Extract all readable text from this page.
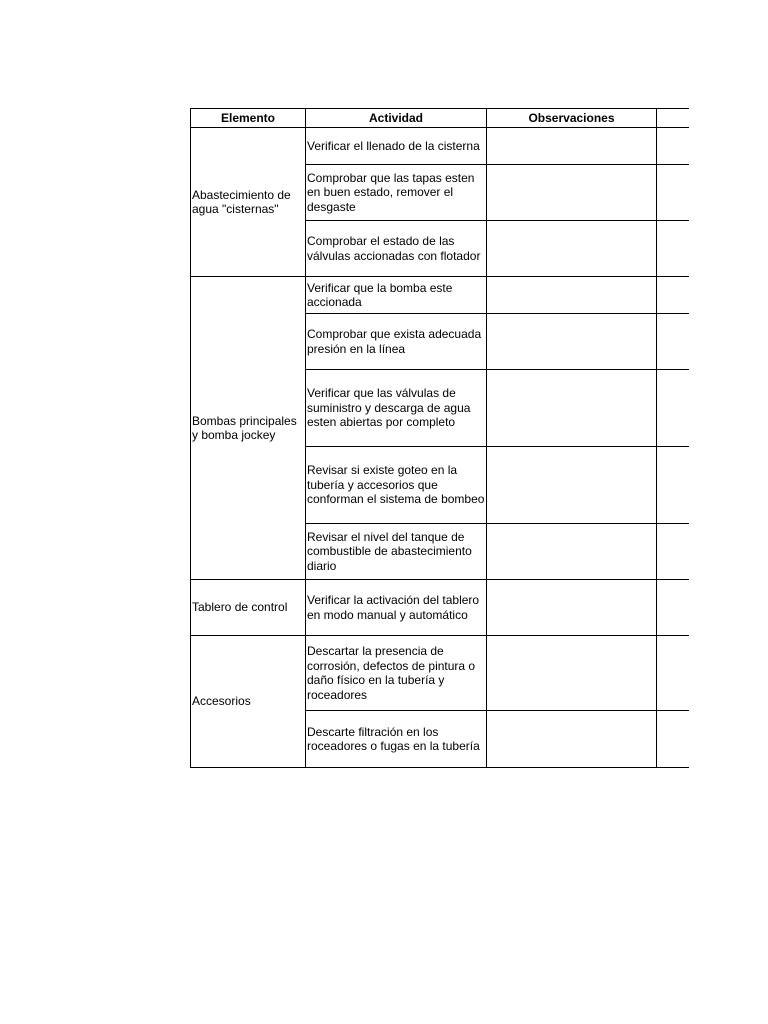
Elemento	Actividad	Observaciones	
Abastecimiento de agua "cisternas"	Verificar el llenado de la cisterna		
	Comprobar que las tapas esten en buen estado, remover el desgaste		
	Comprobar el estado de las válvulas accionadas con flotador		
Bombas principales y bomba jockey	Verificar que la bomba este accionada		
	Comprobar que exista adecuada presión en la línea		
	Verificar que las válvulas de suministro y descarga de agua esten abiertas por completo		
	Revisar si existe goteo en la tubería y accesorios que conforman el sistema de bombeo		
	Revisar el nivel del tanque de combustible de abastecimiento diario		
Tablero de control	Verificar la activación del tablero en modo manual y automático		
Accesorios	Descartar la presencia de corrosión, defectos de pintura o daño físico en la tubería y roceadores		
	Descarte filtración en los roceadores o fugas en la tubería		
